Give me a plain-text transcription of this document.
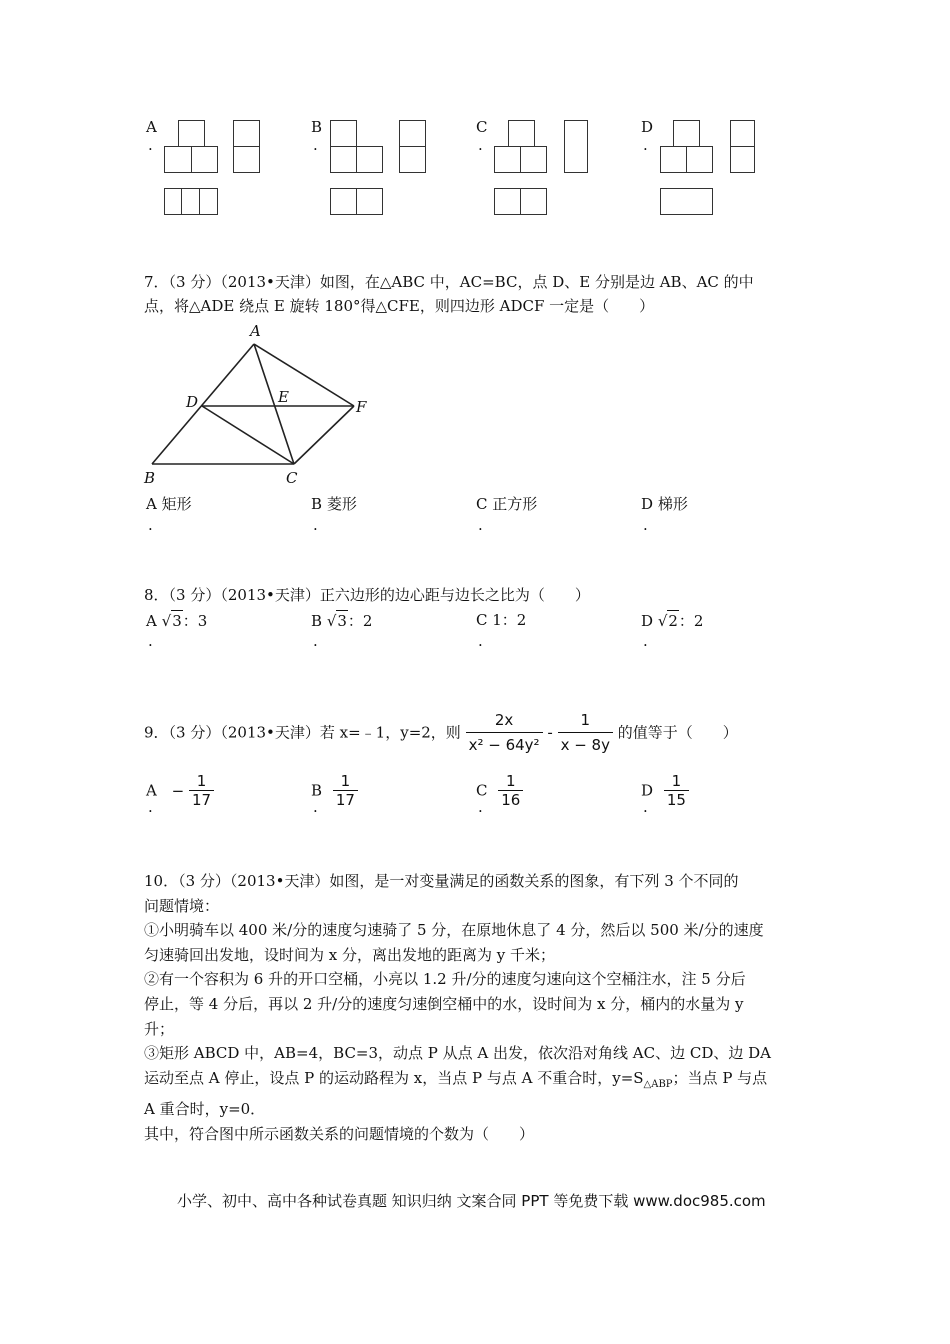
A
.
B
.
C
.
D
.
7．（3 分）（2013•天津）如图，在△ABC 中，AC=BC，点 D、E 分别是边 AB、AC 的中
点，将△ADE 绕点 E 旋转 180°得△CFE，则四边形 ADCF 一定是（　　）
A
B	C
D	E
F
A 矩形
.
B 菱形
.
C 正方形
.
D 梯形
.
8．（3 分）（2013•天津）正六边形的边心距与边长之比为（　　）
A √3：3
.
B √3：2
.
C 1：2
.
D √2：2
.
9．（3 分）（2013•天津）若 x=﹣1，y=2，则 $\frac{2x}{\text{x² − 64y²}} - \frac{1}{x - 8y}$ 的值等于（　　）
$A - \frac{1}{17}$
.
B $\frac{1}{17}$
.
C $\frac{1}{16}$
.
D $\frac{1}{15}$
.
10．（3 分）（2013•天津）如图，是一对变量满足的函数关系的图象，有下列 3 个不同的
问题情境：
①小明骑车以 400 米/分的速度匀速骑了 5 分，在原地休息了 4 分，然后以 500 米/分的速度
匀速骑回出发地，设时间为 x 分，离出发地的距离为 y 千米；
②有一个容积为 6 升的开口空桶，小亮以 1.2 升/分的速度匀速向这个空桶注水，注 5 分后
停止，等 4 分后，再以 2 升/分的速度匀速倒空桶中的水，设时间为 x 分，桶内的水量为 y
升；
③矩形 ABCD 中，AB=4，BC=3，动点 P 从点 A 出发，依次沿对角线 AC、边 CD、边 DA
运动至点 A 停止，设点 P 的运动路程为 x，当点 P 与点 A 不重合时，$y=S_{\triangle ABP}$；当点 P 与点
A 重合时，y=0．
其中，符合图中所示函数关系的问题情境的个数为（　　）
小学、初中、高中各种试卷真题 知识归纳 文案合同 PPT 等免费下载 www.doc985.com
